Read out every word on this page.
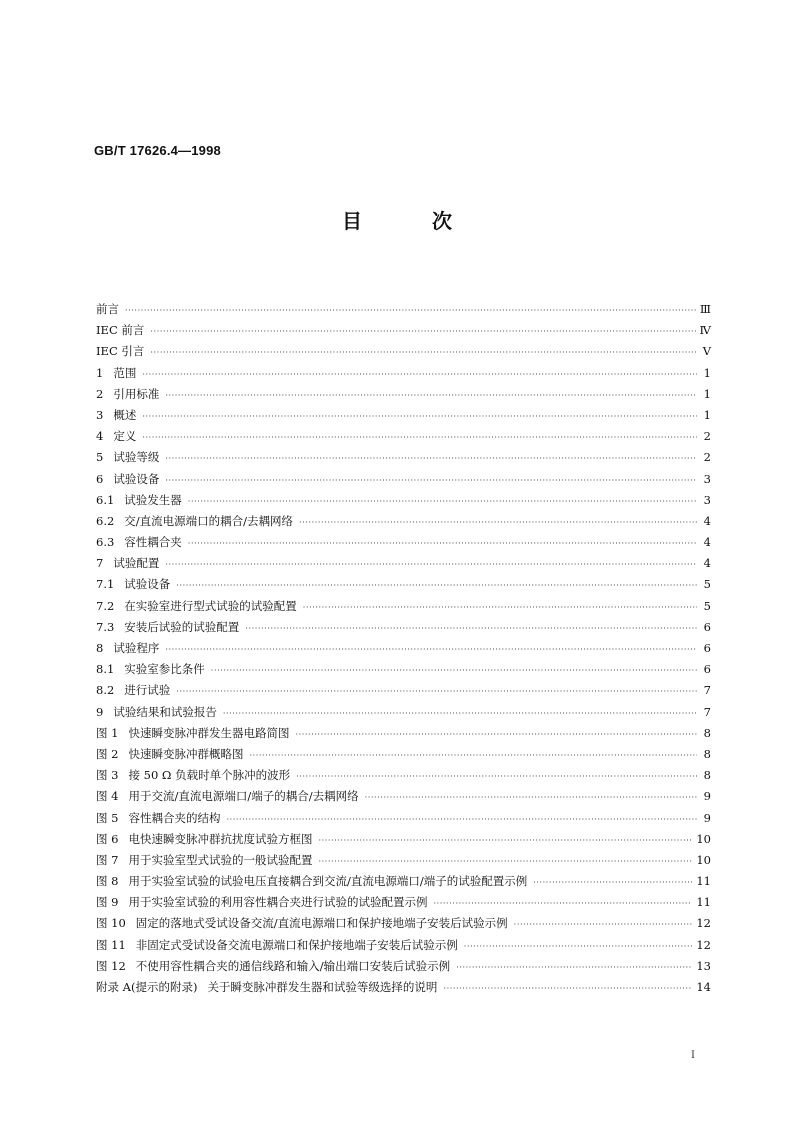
GB/T 17626.4—1998
目	次
前言 ·····	Ⅲ
IEC 前言 ·····	Ⅳ
IEC 引言 ·····	Ⅴ
1 范围 ·····	1
2 引用标准 ·····	1
3 概述 ·····	1
4 定义 ·····	2
5 试验等级 ·····	2
6 试验设备 ·····	3
6.1 试验发生器 ·····	3
6.2 交/直流电源端口的耦合/去耦网络 ·····	4
6.3 容性耦合夹 ·····	4
7 试验配置 ·····	4
7.1 试验设备 ·····	5
7.2 在实验室进行型式试验的试验配置 ·····	5
7.3 安装后试验的试验配置 ·····	6
8 试验程序 ·····	6
8.1 实验室参比条件 ·····	6
8.2 进行试验 ·····	7
9 试验结果和试验报告 ·····	7
图 1 快速瞬变脉冲群发生器电路简图 ·····	8
图 2 快速瞬变脉冲群概略图 ·····	8
图 3 接 50 Ω 负载时单个脉冲的波形 ·····	8
图 4 用于交流/直流电源端口/端子的耦合/去耦网络 ·····	9
图 5 容性耦合夹的结构 ·····	9
图 6 电快速瞬变脉冲群抗扰度试验方框图 ·····	10
图 7 用于实验室型式试验的一般试验配置 ·····	10
图 8 用于实验室试验的试验电压直接耦合到交流/直流电源端口/端子的试验配置示例 ·····	11
图 9 用于实验室试验的利用容性耦合夹进行试验的试验配置示例 ·····	11
图 10 固定的落地式受试设备交流/直流电源端口和保护接地端子安装后试验示例 ·····	12
图 11 非固定式受试设备交流电源端口和保护接地端子安装后试验示例 ·····	12
图 12 不使用容性耦合夹的通信线路和输入/输出端口安装后试验示例 ·····	13
附录 A(提示的附录) 关于瞬变脉冲群发生器和试验等级选择的说明 ·····	14
I
